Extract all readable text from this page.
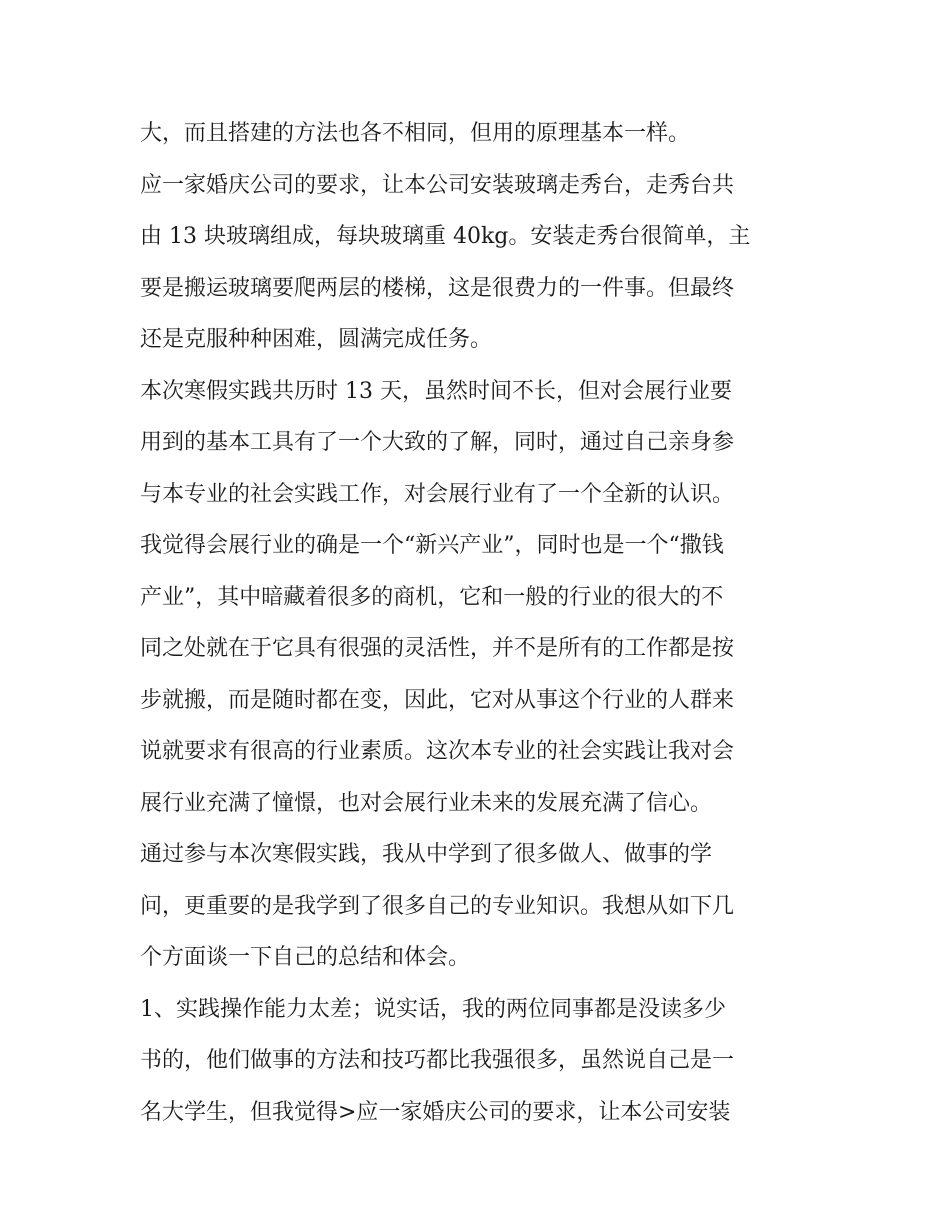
大，而且搭建的方法也各不相同，但用的原理基本一样。
应一家婚庆公司的要求，让本公司安装玻璃走秀台，走秀台共
由 13 块玻璃组成，每块玻璃重 40kg。安装走秀台很简单，主
要是搬运玻璃要爬两层的楼梯，这是很费力的一件事。但最终
还是克服种种困难，圆满完成任务。
本次寒假实践共历时 13 天，虽然时间不长，但对会展行业要
用到的基本工具有了一个大致的了解，同时，通过自己亲身参
与本专业的社会实践工作，对会展行业有了一个全新的认识。
我觉得会展行业的确是一个“新兴产业”，同时也是一个“撒钱
产业”，其中暗藏着很多的商机，它和一般的行业的很大的不
同之处就在于它具有很强的灵活性，并不是所有的工作都是按
步就搬，而是随时都在变，因此，它对从事这个行业的人群来
说就要求有很高的行业素质。这次本专业的社会实践让我对会
展行业充满了憧憬，也对会展行业未来的发展充满了信心。
通过参与本次寒假实践，我从中学到了很多做人、做事的学
问，更重要的是我学到了很多自己的专业知识。我想从如下几
个方面谈一下自己的总结和体会。
1、实践操作能力太差；说实话，我的两位同事都是没读多少
书的，他们做事的方法和技巧都比我强很多，虽然说自己是一
名大学生，但我觉得>应一家婚庆公司的要求，让本公司安装
